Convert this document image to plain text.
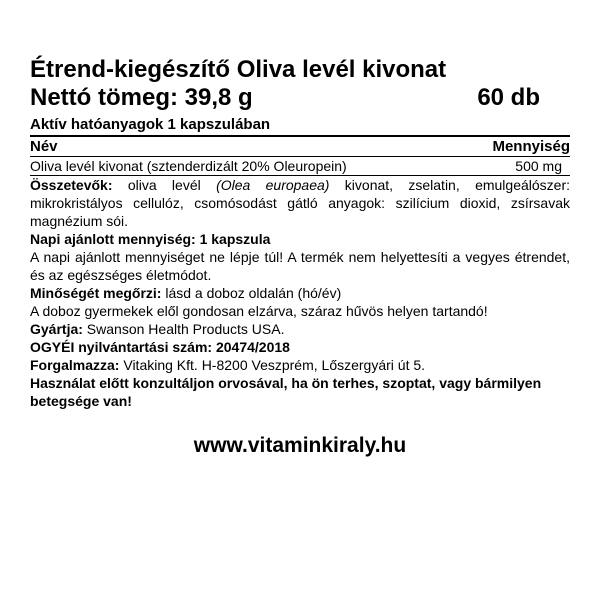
Étrend-kiegészítő Oliva levél kivonat
Nettó tömeg: 39,8 g	60 db
Aktív hatóanyagok 1 kapszulában
Név	Mennyiség
Oliva levél kivonat (sztenderdizált 20% Oleuropein)	500 mg

Összetevők: oliva levél (Olea europaea) kivonat, zselatin, emulgeálószer: mikrokristályos cellulóz, csomósodást gátló anyagok: szilícium dioxid, zsírsavak magnézium sói.

Napi ajánlott mennyiség: 1 kapszula

A napi ajánlott mennyiséget ne lépje túl! A termék nem helyettesíti a vegyes étrendet, és az egészséges életmódot.

Minőségét megőrzi: lásd a doboz oldalán (hó/év)

A doboz gyermekek elől gondosan elzárva, száraz hűvös helyen tartandó!

Gyártja: Swanson Health Products USA.

OGYÉI nyilvántartási szám: 20474/2018

Forgalmazza: Vitaking Kft. H-8200 Veszprém, Lőszergyári út 5.

Használat előtt konzultáljon orvosával, ha ön terhes, szoptat, vagy bármilyen betegsége van!

www.vitaminkiraly.hu
